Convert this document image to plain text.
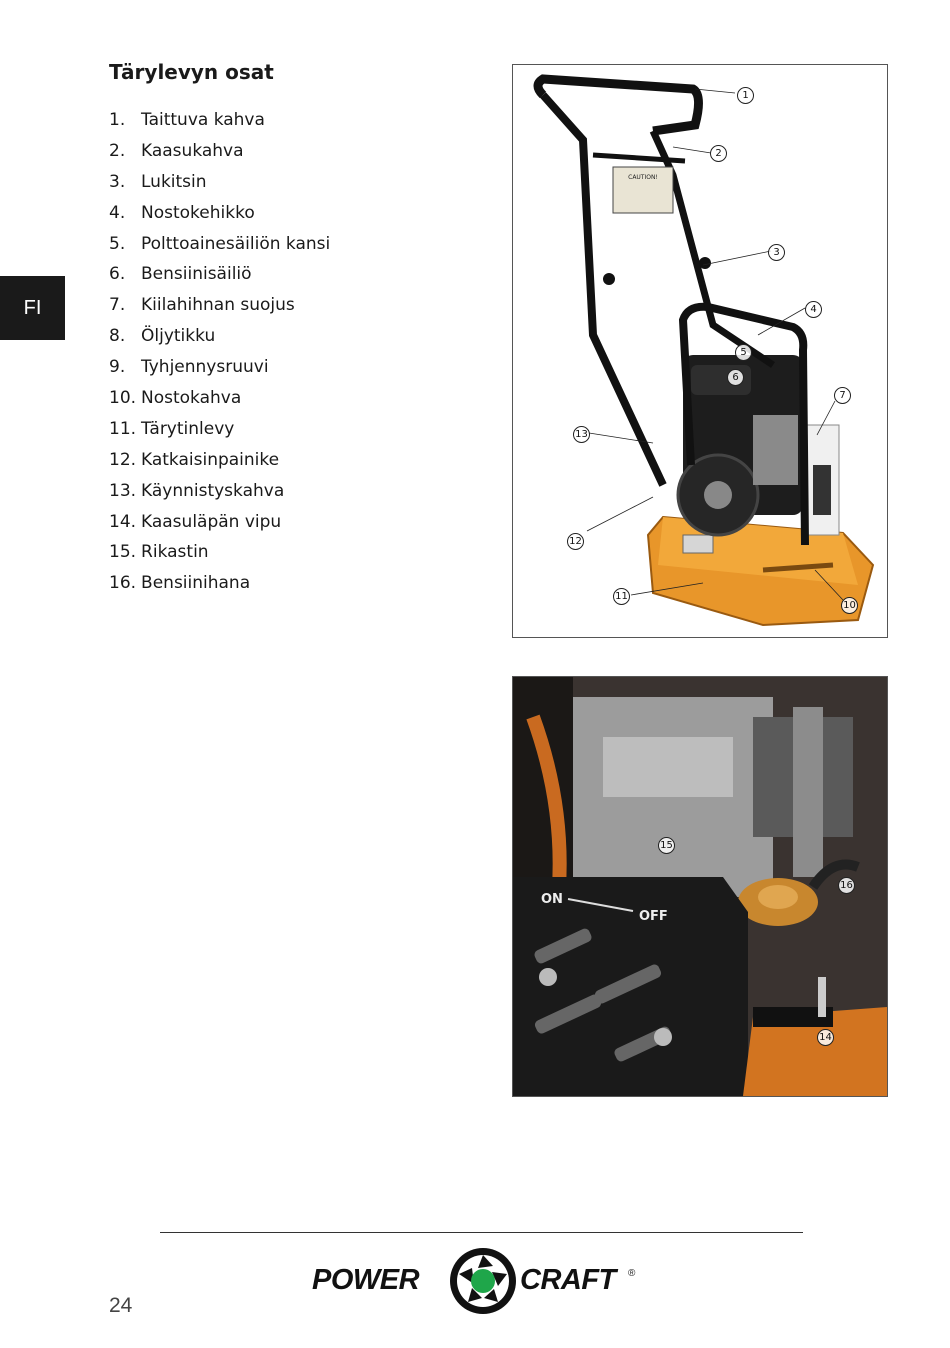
FI
Tärylevyn osat
1. Taittuva kahva
2. Kaasukahva
3. Lukitsin
4. Nostokehikko
5. Polttoainesäiliön kansi
6. Bensiinisäiliö
7. Kiilahihnan suojus
8. Öljytikku
9. Tyhjennysruuvi
10. Nostokahva
11. Tärytinlevy
12. Katkaisinpainike
13. Käynnistyskahva
14. Kaasuläpän vipu
15. Rikastin
16. Bensiinihana
CAUTION!
1
2
3
4
5
6
7
13
12
11
10
ON
OFF
15
16
14
POWER	CRAFT ®
24
